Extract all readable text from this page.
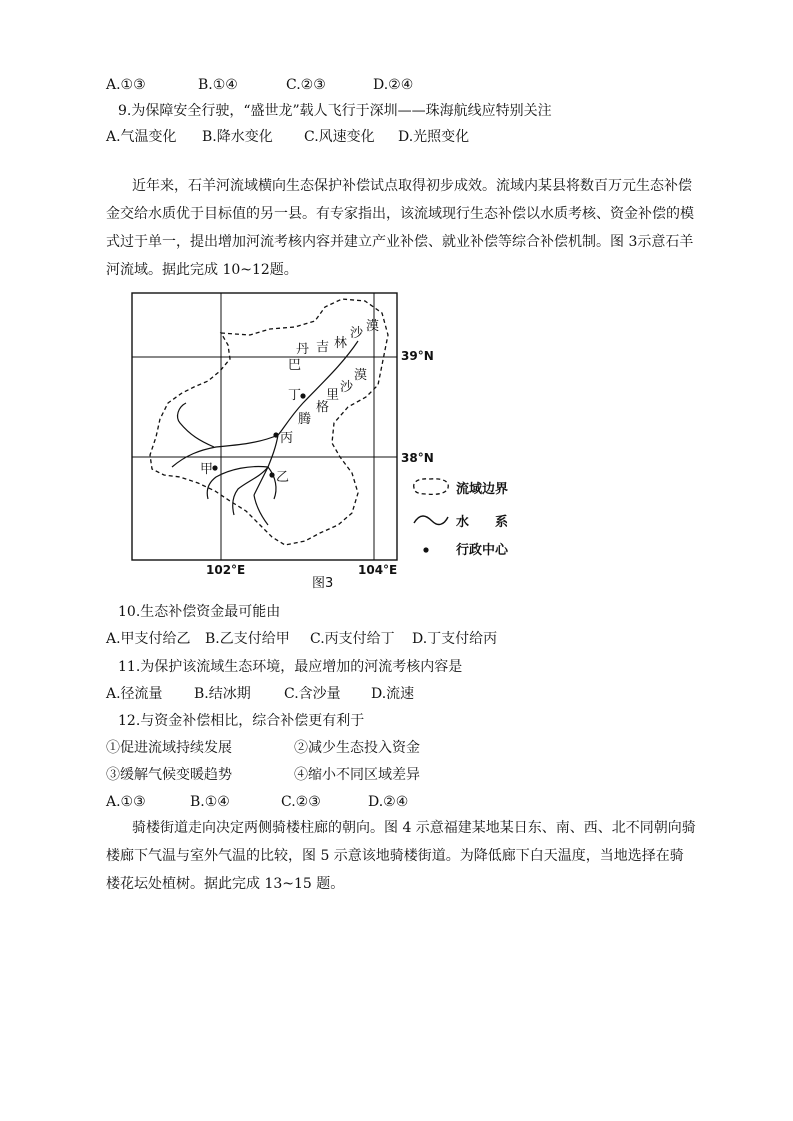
A.①③	B.①④	C.②③	D.②④
9.为保障安全行驶，“盛世龙”载人飞行于深圳——珠海航线应特别关注
A.气温变化 B.降水变化 C.风速变化 D.光照变化
近年来，石羊河流域横向生态保护补偿试点取得初步成效。流域内某县将数百万元生态补偿金交给水质优于目标值的另一县。有专家指出，该流域现行生态补偿以水质考核、资金补偿的模式过于单一，提出增加河流考核内容并建立产业补偿、就业补偿等综合补偿机制。图 3示意石羊河流域。据此完成 10~12题。
巴
丹 吉 林
沙 漠
腾
格
里
沙
漠
丁
丙
甲
乙
39°N
38°N
102°E	104°E
图3
流域边界
水　　系
行政中心
10.生态补偿资金最可能由
A.甲支付给乙 B.乙支付给甲 C.丙支付给丁 D.丁支付给丙
11.为保护该流域生态环境，最应增加的河流考核内容是
A.径流量 B.结冰期 C.含沙量 D.流速
12.与资金补偿相比，综合补偿更有利于
①促进流域持续发展	②减少生态投入资金
③缓解气候变暖趋势	④缩小不同区域差异
A.①③	B.①④	C.②③	D.②④
骑楼街道走向决定两侧骑楼柱廊的朝向。图 4 示意福建某地某日东、南、西、北不同朝向骑楼廊下气温与室外气温的比较，图 5 示意该地骑楼街道。为降低廊下白天温度，当地选择在骑楼花坛处植树。据此完成 13~15 题。
